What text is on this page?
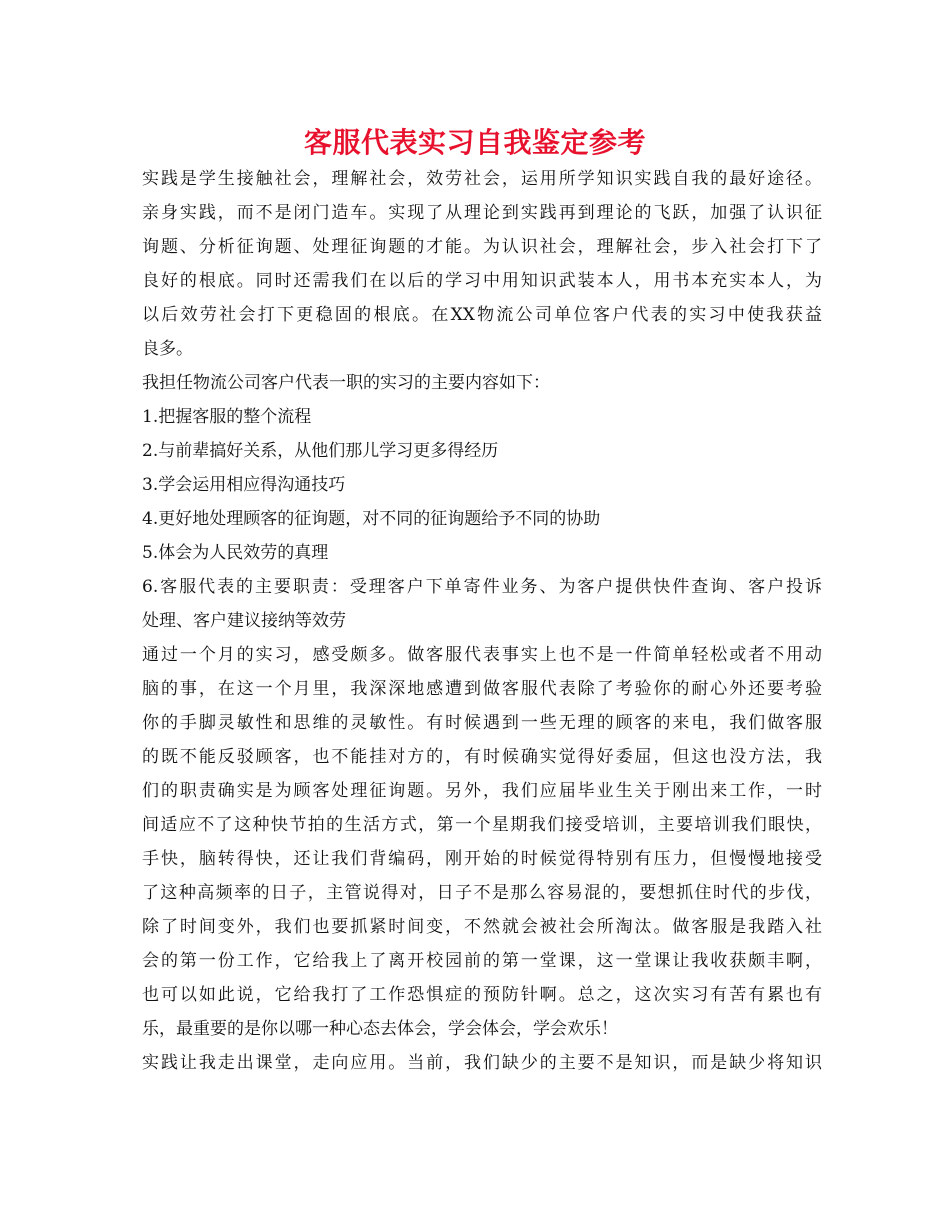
客服代表实习自我鉴定参考
实践是学生接触社会，理解社会，效劳社会，运用所学知识实践自我的最好途径。
亲身实践，而不是闭门造车。实现了从理论到实践再到理论的飞跃，加强了认识征
询题、分析征询题、处理征询题的才能。为认识社会，理解社会，步入社会打下了
良好的根底。同时还需我们在以后的学习中用知识武装本人，用书本充实本人，为
以后效劳社会打下更稳固的根底。在XX物流公司单位客户代表的实习中使我获益
良多。
我担任物流公司客户代表一职的实习的主要内容如下：
1.把握客服的整个流程
2.与前辈搞好关系，从他们那儿学习更多得经历
3.学会运用相应得沟通技巧
4.更好地处理顾客的征询题，对不同的征询题给予不同的协助
5.体会为人民效劳的真理
6.客服代表的主要职责：受理客户下单寄件业务、为客户提供快件查询、客户投诉
处理、客户建议接纳等效劳
通过一个月的实习，感受颇多。做客服代表事实上也不是一件简单轻松或者不用动
脑的事，在这一个月里，我深深地感遭到做客服代表除了考验你的耐心外还要考验
你的手脚灵敏性和思维的灵敏性。有时候遇到一些无理的顾客的来电，我们做客服
的既不能反驳顾客，也不能挂对方的，有时候确实觉得好委屈，但这也没方法，我
们的职责确实是为顾客处理征询题。另外，我们应届毕业生关于刚出来工作，一时
间适应不了这种快节拍的生活方式，第一个星期我们接受培训，主要培训我们眼快，
手快，脑转得快，还让我们背编码，刚开始的时候觉得特别有压力，但慢慢地接受
了这种高频率的日子，主管说得对，日子不是那么容易混的，要想抓住时代的步伐，
除了时间变外，我们也要抓紧时间变，不然就会被社会所淘汰。做客服是我踏入社
会的第一份工作，它给我上了离开校园前的第一堂课，这一堂课让我收获颇丰啊，
也可以如此说，它给我打了工作恐惧症的预防针啊。总之，这次实习有苦有累也有
乐，最重要的是你以哪一种心态去体会，学会体会，学会欢乐！
实践让我走出课堂，走向应用。当前，我们缺少的主要不是知识，而是缺少将知识
